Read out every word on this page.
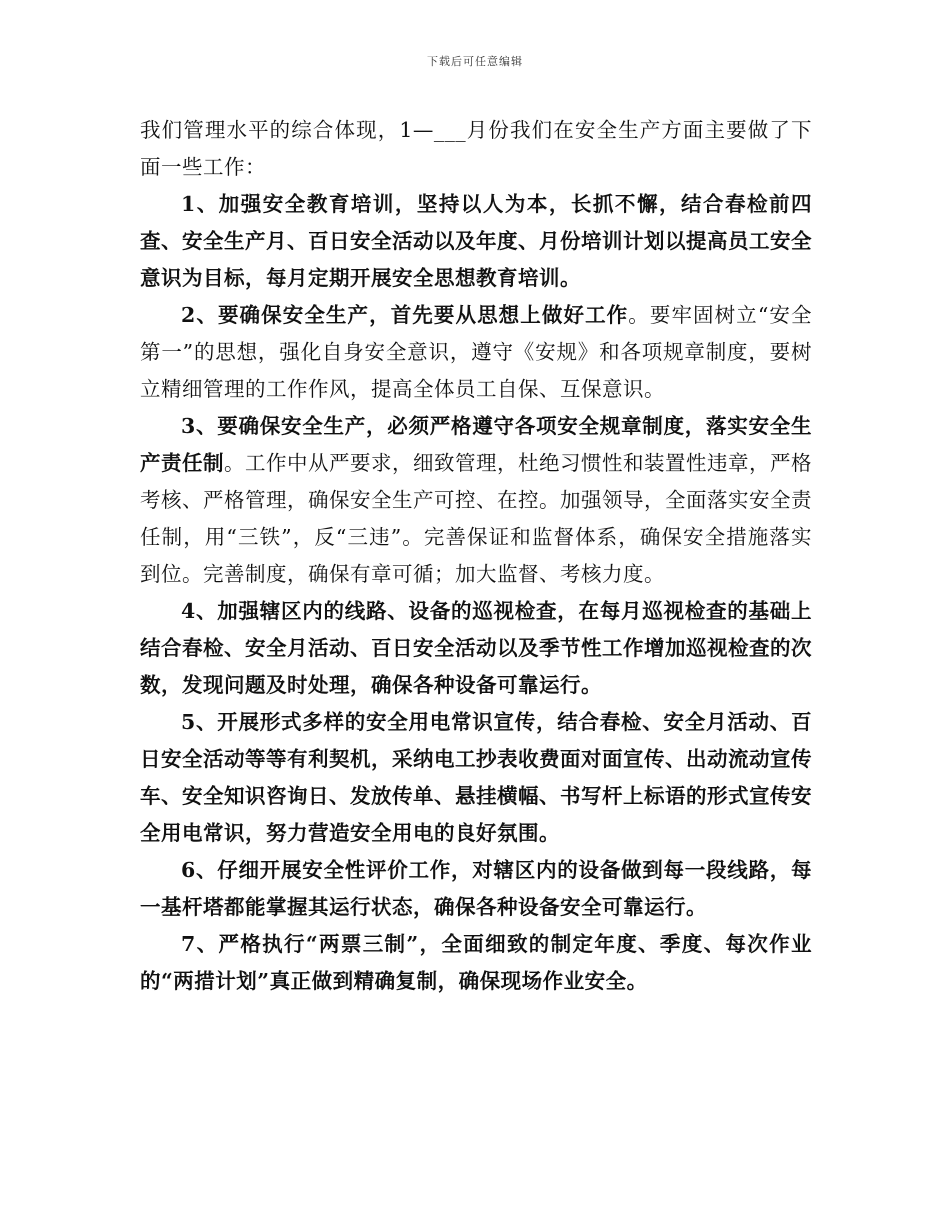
下载后可任意编辑

我们管理水平的综合体现，1—___月份我们在安全生产方面主要做了下面一些工作：

1、加强安全教育培训，坚持以人为本，长抓不懈，结合春检前四查、安全生产月、百日安全活动以及年度、月份培训计划以提高员工安全意识为目标，每月定期开展安全思想教育培训。

2、要确保安全生产，首先要从思想上做好工作。要牢固树立“安全第一”的思想，强化自身安全意识，遵守《安规》和各项规章制度，要树立精细管理的工作作风，提高全体员工自保、互保意识。

3、要确保安全生产，必须严格遵守各项安全规章制度，落实安全生产责任制。工作中从严要求，细致管理，杜绝习惯性和装置性违章，严格考核、严格管理，确保安全生产可控、在控。加强领导，全面落实安全责任制，用“三铁”，反“三违”。完善保证和监督体系，确保安全措施落实到位。完善制度，确保有章可循；加大监督、考核力度。

4、加强辖区内的线路、设备的巡视检查，在每月巡视检查的基础上结合春检、安全月活动、百日安全活动以及季节性工作增加巡视检查的次数，发现问题及时处理，确保各种设备可靠运行。

5、开展形式多样的安全用电常识宣传，结合春检、安全月活动、百日安全活动等等有利契机，采纳电工抄表收费面对面宣传、出动流动宣传车、安全知识咨询日、发放传单、悬挂横幅、书写杆上标语的形式宣传安全用电常识，努力营造安全用电的良好氛围。

6、仔细开展安全性评价工作，对辖区内的设备做到每一段线路，每一基杆塔都能掌握其运行状态，确保各种设备安全可靠运行。

7、严格执行“两票三制”，全面细致的制定年度、季度、每次作业的“两措计划”真正做到精确复制，确保现场作业安全。
